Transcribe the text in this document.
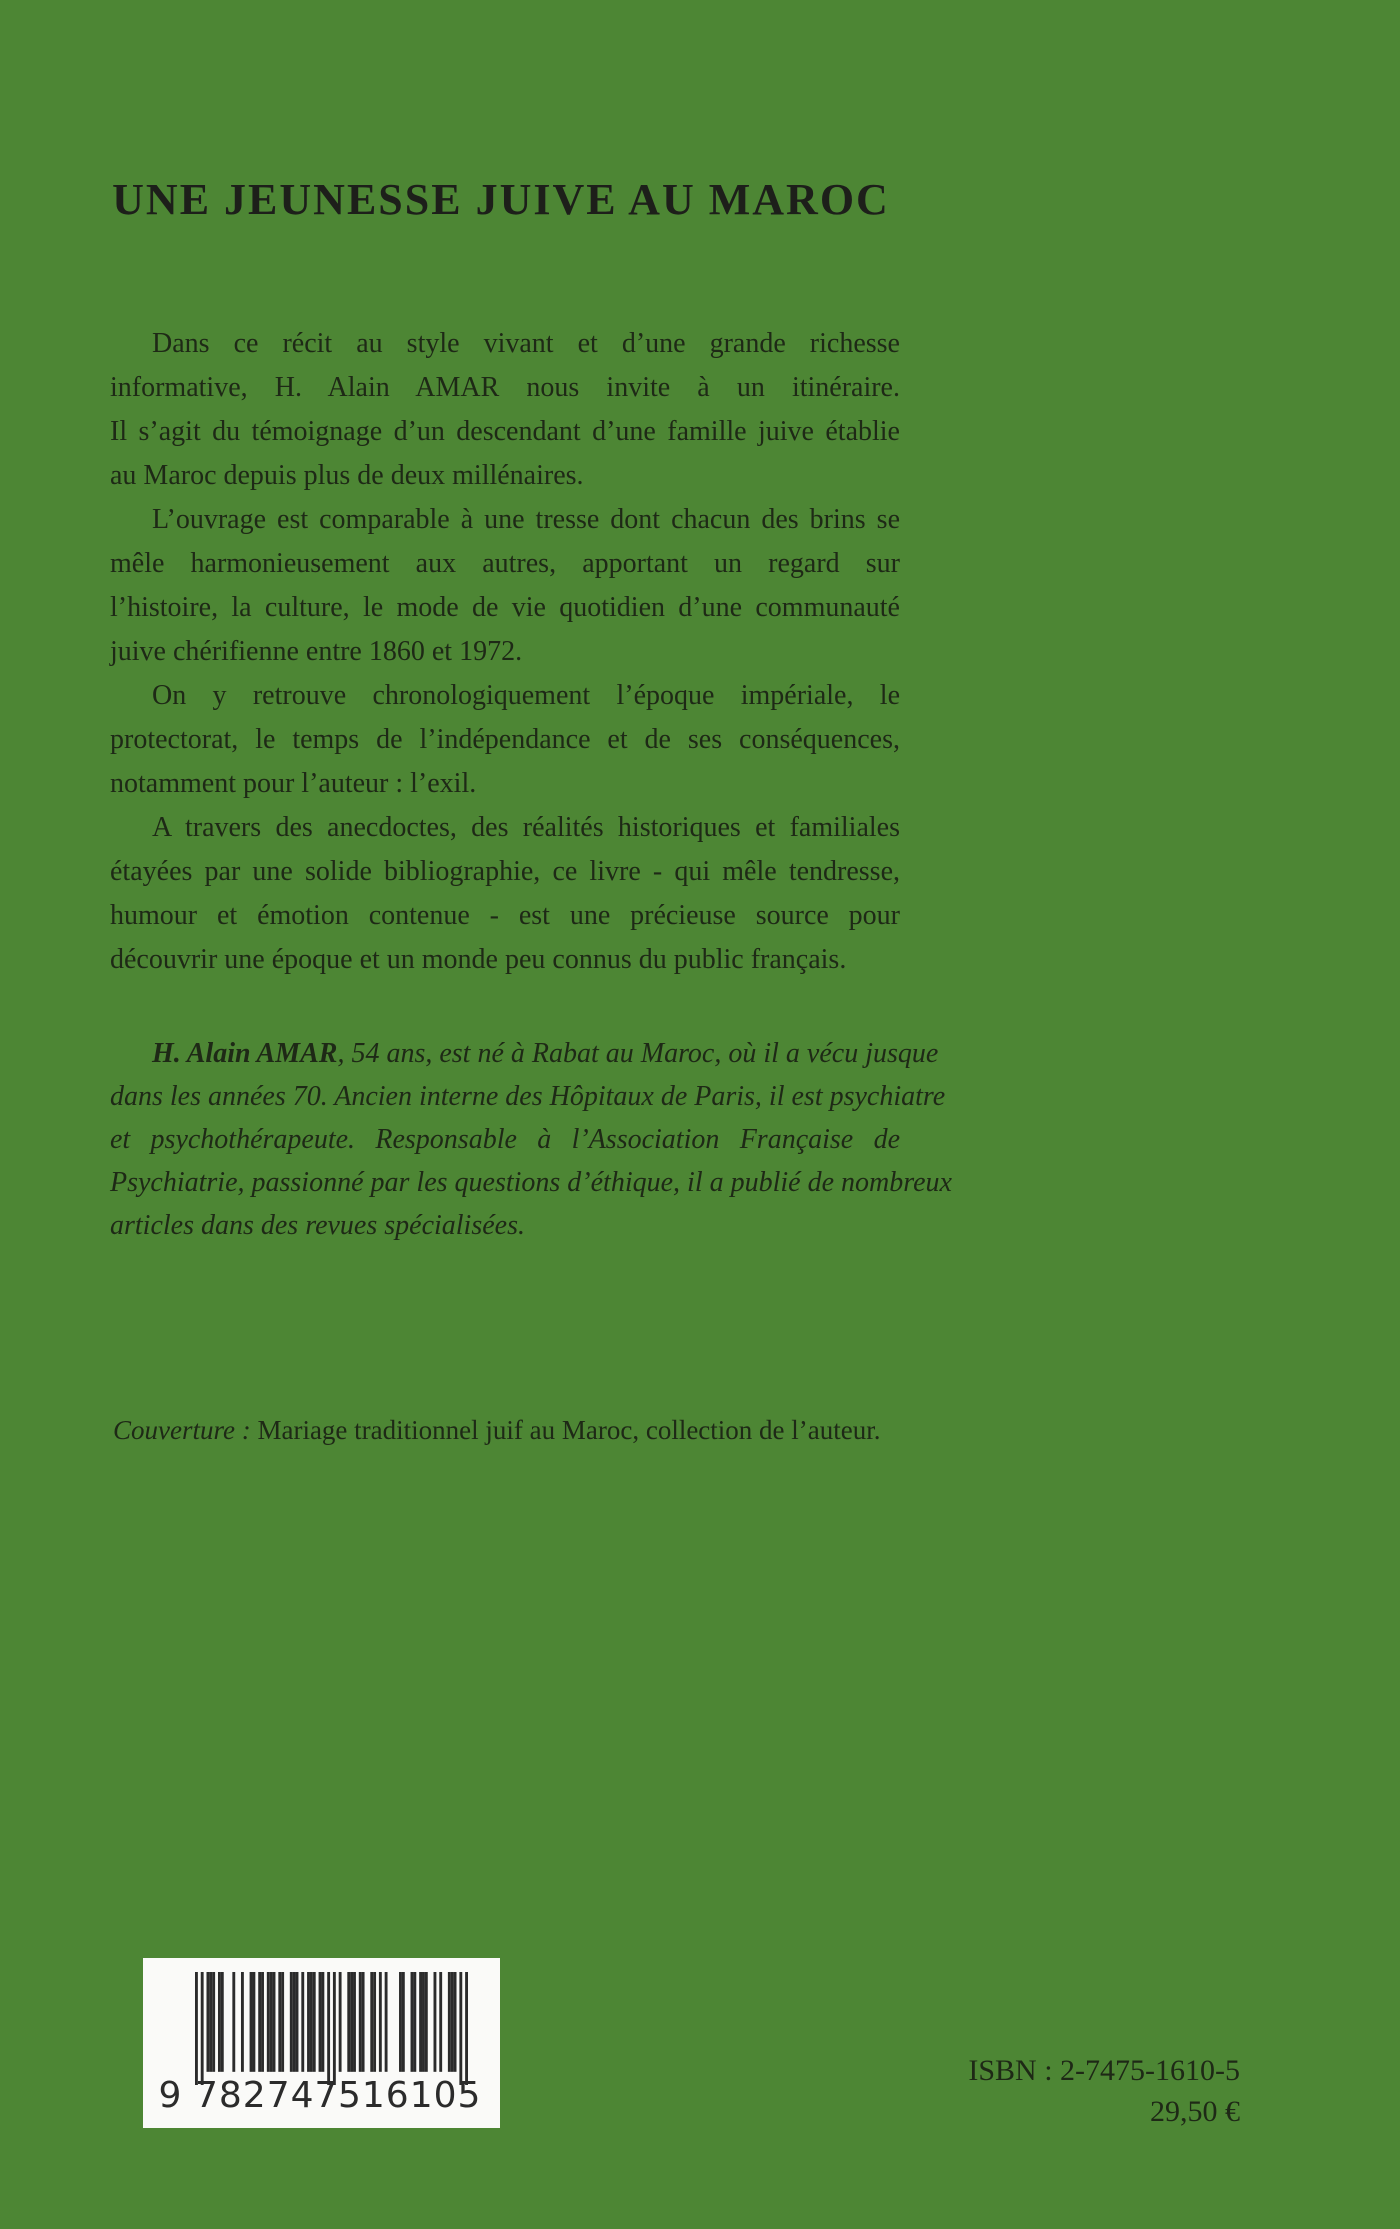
UNE JEUNESSE JUIVE AU MAROC
Dans ce récit au style vivant et d’une grande richesse
informative, H. Alain AMAR nous invite à un itinéraire.
Il s’agit du témoignage d’un descendant d’une famille juive établie
au Maroc depuis plus de deux millénaires.
L’ouvrage est comparable à une tresse dont chacun des brins se
mêle harmonieusement aux autres, apportant un regard sur
l’histoire, la culture, le mode de vie quotidien d’une communauté
juive chérifienne entre 1860 et 1972.
On y retrouve chronologiquement l’époque impériale, le
protectorat, le temps de l’indépendance et de ses conséquences,
notamment pour l’auteur : l’exil.
A travers des anecdoctes, des réalités historiques et familiales
étayées par une solide bibliographie, ce livre - qui mêle tendresse,
humour et émotion contenue - est une précieuse source pour
découvrir une époque et un monde peu connus du public français.
H. Alain AMAR, 54 ans, est né à Rabat au Maroc, où il a vécu jusque
dans les années 70. Ancien interne des Hôpitaux de Paris, il est psychiatre
et psychothérapeute. Responsable à l’Association Française de
Psychiatrie, passionné par les questions d’éthique, il a publié de nombreux
articles dans des revues spécialisées.
Couverture : Mariage traditionnel juif au Maroc, collection de l’auteur.
9 782747 516105
ISBN : 2-7475-1610-5
29,50 €
